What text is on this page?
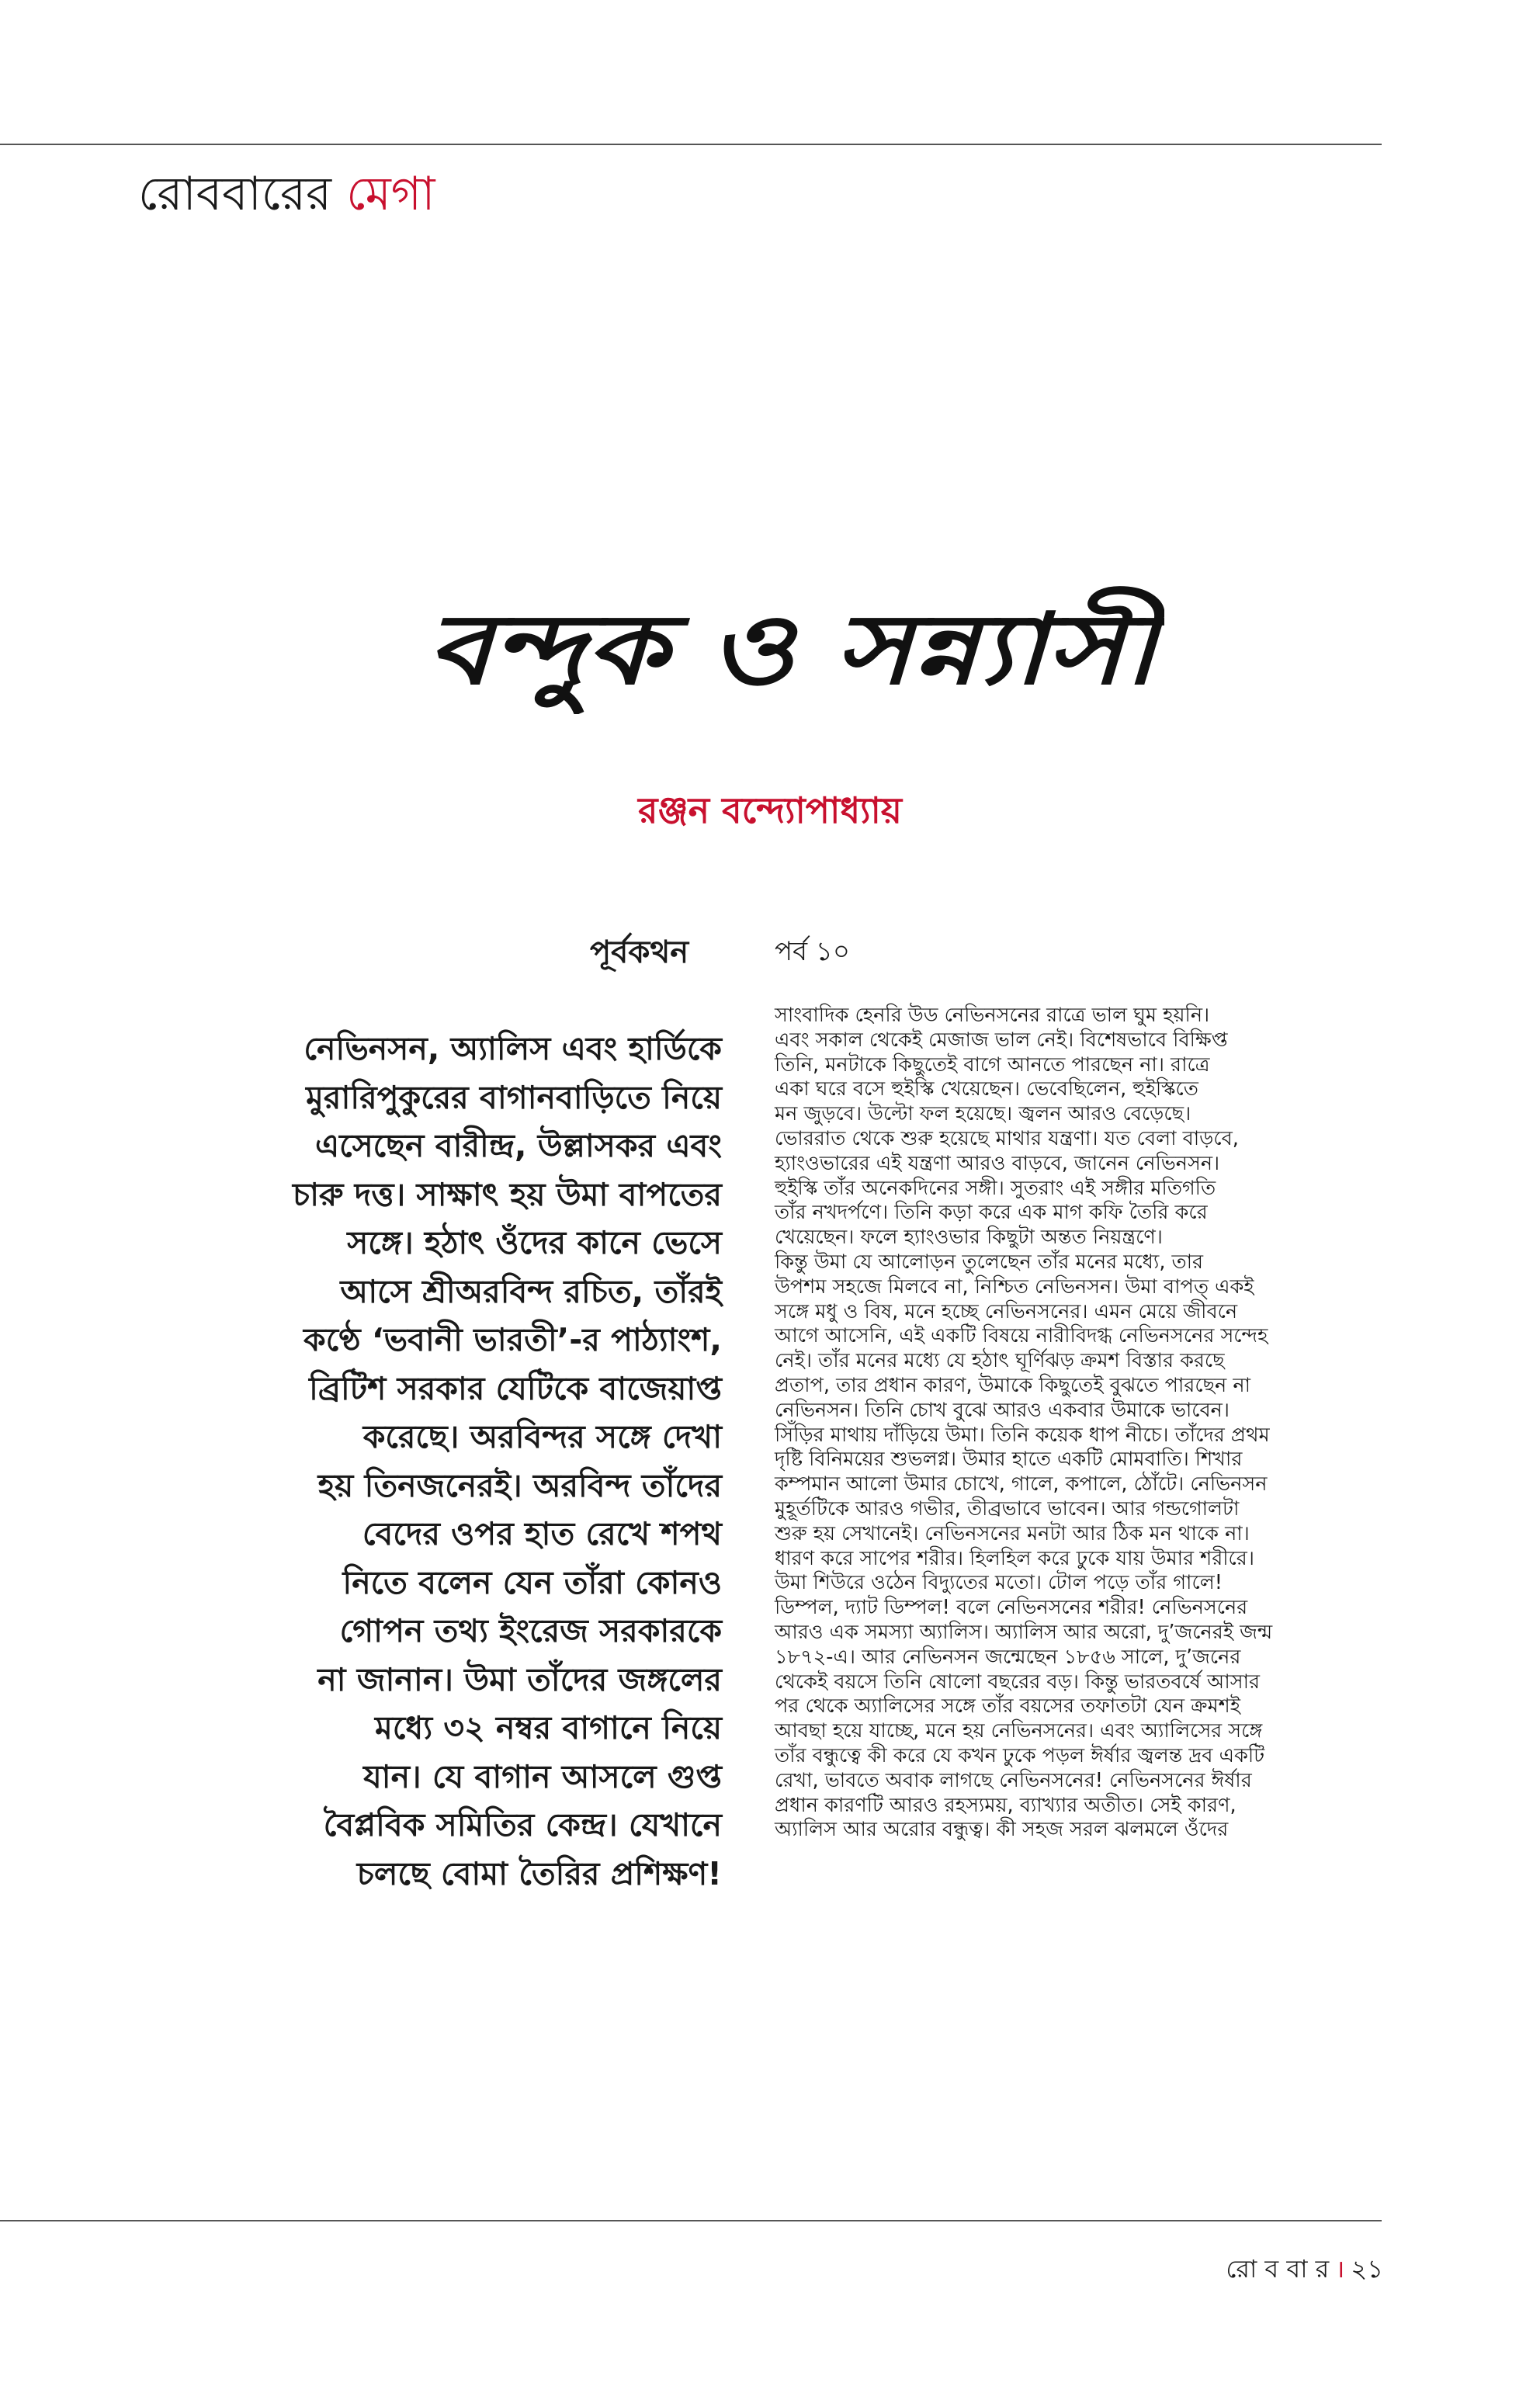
রোববারের মেগা
বন্দুক ও সন্ন্যাসী
রঞ্জন বন্দ্যোপাধ্যায়
পূর্বকথন	পর্ব ১০
নেভিনসন, অ্যালিস এবং হার্ডিকে
মুরারিপুকুরের বাগানবাড়িতে নিয়ে
এসেছেন বারীন্দ্র, উল্লাসকর এবং
চারু দত্ত। সাক্ষাৎ হয় উমা বাপতের
সঙ্গে। হঠাৎ ওঁদের কানে ভেসে
আসে শ্রীঅরবিন্দ রচিত, তাঁরই
কণ্ঠে ‘ভবানী ভারতী’-র পাঠ্যাংশ,
ব্রিটিশ সরকার যেটিকে বাজেয়াপ্ত
করেছে। অরবিন্দর সঙ্গে দেখা
হয় তিনজনেরই। অরবিন্দ তাঁদের
বেদের ওপর হাত রেখে শপথ
নিতে বলেন যেন তাঁরা কোনও
গোপন তথ্য ইংরেজ সরকারকে
না জানান। উমা তাঁদের জঙ্গলের
মধ্যে ৩২ নম্বর বাগানে নিয়ে
যান। যে বাগান আসলে গুপ্ত
বৈপ্লবিক সমিতির কেন্দ্র। যেখানে
চলছে বোমা তৈরির প্রশিক্ষণ!
সাংবাদিক হেনরি উড নেভিনসনের রাত্রে ভাল ঘুম হয়নি।
এবং সকাল থেকেই মেজাজ ভাল নেই। বিশেষভাবে বিক্ষিপ্ত
তিনি, মনটাকে কিছুতেই বাগে আনতে পারছেন না। রাত্রে
একা ঘরে বসে হুইস্কি খেয়েছেন। ভেবেছিলেন, হুইস্কিতে
মন জুড়বে। উল্টো ফল হয়েছে। জ্বলন আরও বেড়েছে।
ভোররাত থেকে শুরু হয়েছে মাথার যন্ত্রণা। যত বেলা বাড়বে,
হ্যাংওভারের এই যন্ত্রণা আরও বাড়বে, জানেন নেভিনসন।
হুইস্কি তাঁর অনেকদিনের সঙ্গী। সুতরাং এই সঙ্গীর মতিগতি
তাঁর নখদর্পণে। তিনি কড়া করে এক মাগ কফি তৈরি করে
খেয়েছেন। ফলে হ্যাংওভার কিছুটা অন্তত নিয়ন্ত্রণে।
কিন্তু উমা যে আলোড়ন তুলেছেন তাঁর মনের মধ্যে, তার
উপশম সহজে মিলবে না, নিশ্চিত নেভিনসন। উমা বাপত্ একই
সঙ্গে মধু ও বিষ, মনে হচ্ছে নেভিনসনের। এমন মেয়ে জীবনে
আগে আসেনি, এই একটি বিষয়ে নারীবিদগ্ধ নেভিনসনের সন্দেহ
নেই। তাঁর মনের মধ্যে যে হঠাৎ ঘূর্ণিঝড় ক্রমশ বিস্তার করছে
প্রতাপ, তার প্রধান কারণ, উমাকে কিছুতেই বুঝতে পারছেন না
নেভিনসন। তিনি চোখ বুঝে আরও একবার উমাকে ভাবেন।
সিঁড়ির মাথায় দাঁড়িয়ে উমা। তিনি কয়েক ধাপ নীচে। তাঁদের প্রথম
দৃষ্টি বিনিময়ের শুভলগ্ন। উমার হাতে একটি মোমবাতি। শিখার
কম্পমান আলো উমার চোখে, গালে, কপালে, ঠোঁটে। নেভিনসন
মুহূর্তটিকে আরও গভীর, তীব্রভাবে ভাবেন। আর গন্ডগোলটা
শুরু হয় সেখানেই। নেভিনসনের মনটা আর ঠিক মন থাকে না।
ধারণ করে সাপের শরীর। হিলহিল করে ঢুকে যায় উমার শরীরে।
উমা শিউরে ওঠেন বিদ্যুতের মতো। টোল পড়ে তাঁর গালে!
ডিম্পল, দ্যাট ডিম্পল! বলে নেভিনসনের শরীর! নেভিনসনের
আরও এক সমস্যা অ্যালিস। অ্যালিস আর অরো, দু’জনেরই জন্ম
১৮৭২-এ। আর নেভিনসন জন্মেছেন ১৮৫৬ সালে, দু’জনের
থেকেই বয়সে তিনি ষোলো বছরের বড়। কিন্তু ভারতবর্ষে আসার
পর থেকে অ্যালিসের সঙ্গে তাঁর বয়সের তফাতটা যেন ক্রমশই
আবছা হয়ে যাচ্ছে, মনে হয় নেভিনসনের। এবং অ্যালিসের সঙ্গে
তাঁর বন্ধুত্বে কী করে যে কখন ঢুকে পড়ল ঈর্ষার জ্বলন্ত দ্রব একটি
রেখা, ভাবতে অবাক লাগছে নেভিনসনের! নেভিনসনের ঈর্ষার
প্রধান কারণটি আরও রহস্যময়, ব্যাখ্যার অতীত। সেই কারণ,
অ্যালিস আর অরোর বন্ধুত্ব। কী সহজ সরল ঝলমলে ওঁদের
রো ব বা র । ২১
